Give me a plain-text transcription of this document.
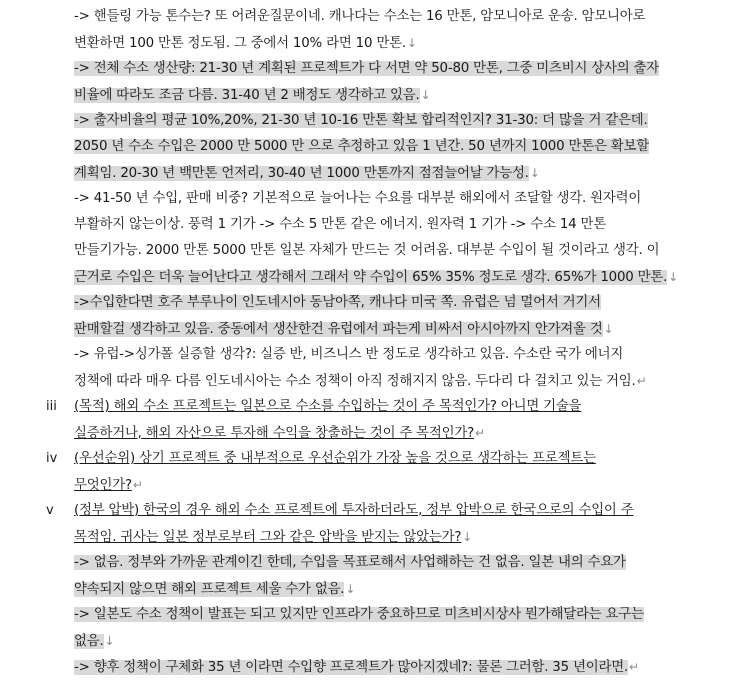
-> 핸들링 가능 톤수는? 또 어려운질문이네. 캐나다는 수소는 16 만톤, 암모니아로 운송. 암모니아로
변환하면 100 만톤 정도됨. 그 중에서 10% 라면 10 만톤.↓
-> 전체 수소 생산량: 21-30 년 계획된 프로젝트가 다 서면 약 50-80 만톤, 그중 미츠비시 상사의 출자
비율에 따라도 조금 다름. 31-40 년 2 배정도 생각하고 있음.↓
-> 출자비율의 평균 10%,20%, 21-30 년 10-16 만톤 확보 합리적인지? 31-30: 더 많을 거 같은데.
2050 년 수소 수입은 2000 만 5000 만 으로 추정하고 있음 1 년간. 50 년까지 1000 만톤은 확보할
계획임. 20-30 년 백만톤 언저리, 30-40 년 1000 만톤까지 점점늘어날 가능성.↓
-> 41-50 년 수입, 판매 비중? 기본적으로 늘어나는 수요를 대부분 해외에서 조달할 생각. 원자력이
부활하지 않는이상. 풍력 1 기가 -> 수소 5 만톤 같은 에너지. 원자력 1 기가 -> 수소 14 만톤
만들기가능. 2000 만톤 5000 만톤 일본 자체가 만드는 것 어려움. 대부분 수입이 될 것이라고 생각. 이
근거로 수입은 더욱 늘어난다고 생각해서 그래서 약 수입이 65% 35% 정도로 생각. 65%가 1000 만톤.↓
->수입한다면 호주 부루나이 인도네시아 동남아쪽, 캐나다 미국 쪽. 유럽은 넘 멀어서 거기서
판매할걸 생각하고 있음. 중동에서 생산한건 유럽에서 파는게 비싸서 아시아까지 안가져올 것↓
-> 유럽->싱가폴 실증할 생각?: 실증 반, 비즈니스 반 정도로 생각하고 있음. 수소란 국가 에너지
정책에 따라 매우 다름 인도네시아는 수소 정책이 아직 정해지지 않음. 두다리 다 걸치고 있는 거임.↵
iii (목적) 해외 수소 프로젝트는 일본으로 수소를 수입하는 것이 주 목적인가? 아니면 기술을
실증하거나, 해외 자산으로 투자해 수익을 창출하는 것이 주 목적인가?↵
iv (우선순위) 상기 프로젝트 중 내부적으로 우선순위가 가장 높을 것으로 생각하는 프로젝트는
무엇인가?↵
v (정부 압박) 한국의 경우 해외 수소 프로젝트에 투자하더라도, 정부 압박으로 한국으로의 수입이 주
목적임. 귀사는 일본 정부로부터 그와 같은 압박을 받지는 않았는가?↓
-> 없음. 정부와 가까운 관계이긴 한데, 수입을 목표로해서 사업해하는 건 없음. 일본 내의 수요가
약속되지 않으면 해외 프로젝트 세울 수가 없음.↓
-> 일본도 수소 정책이 발표는 되고 있지만 인프라가 중요하므로 미츠비시상사 뭔가해달라는 요구는
없음.↓
-> 향후 정책이 구체화 35 년 이라면 수입향 프로젝트가 많아지겠네?: 물론 그러함. 35 년이라면.↵
